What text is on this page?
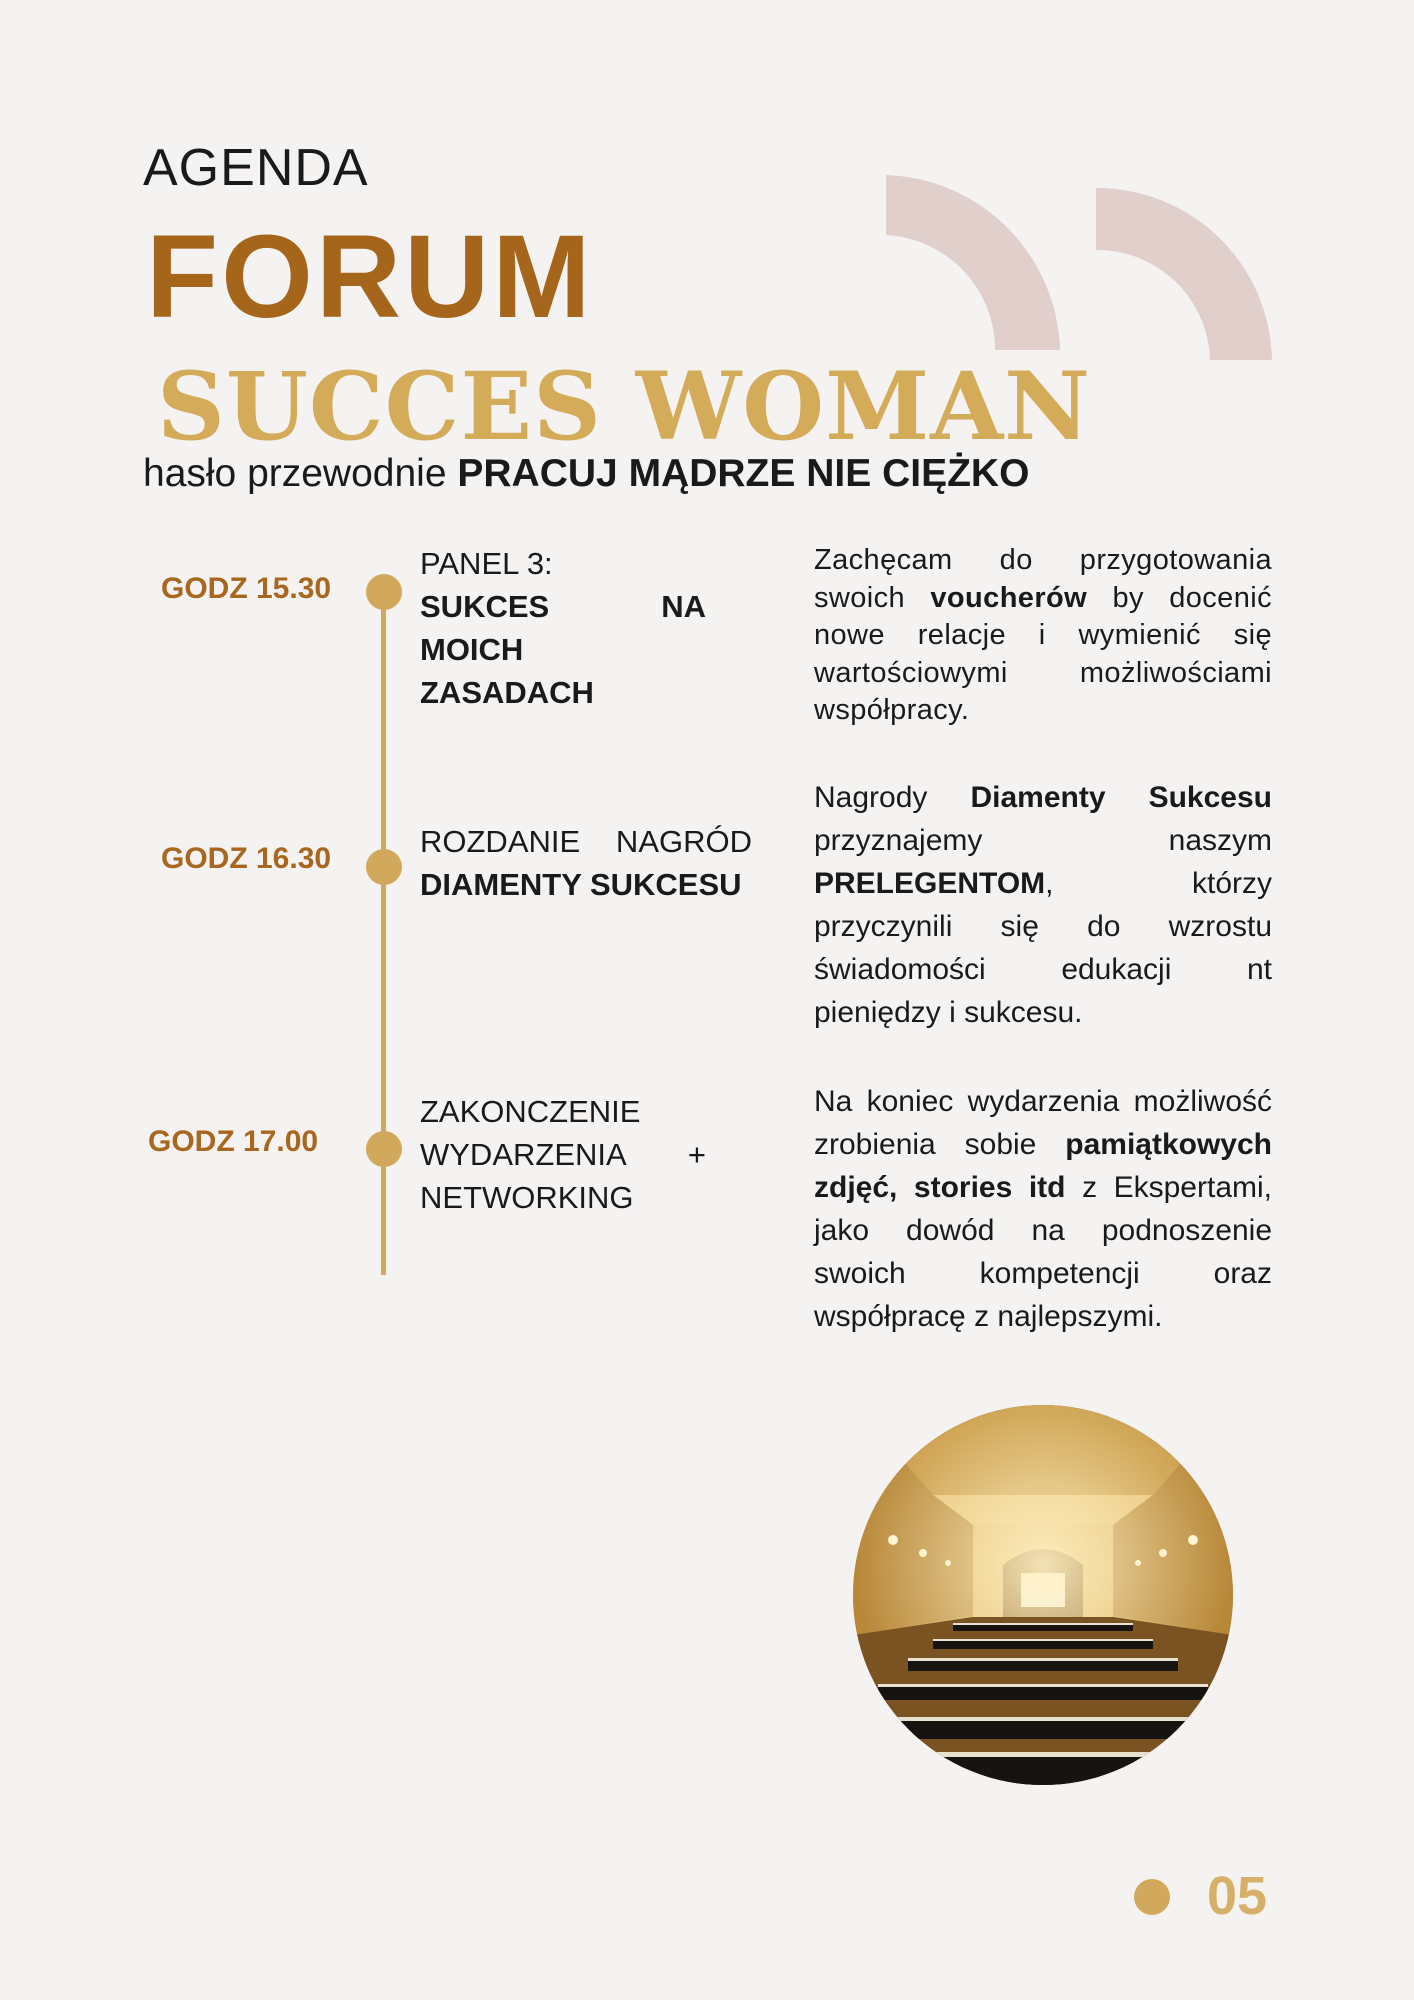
AGENDA
FORUM
SUCCES WOMAN
hasło przewodnie PRACUJ MĄDRZE NIE CIĘŻKO
GODZ 15.30
PANEL 3:
SUKCES	NA
MOICH
ZASADACH
Zachęcam do przygotowania swoich voucherów by docenić nowe relacje i wymienić się wartościowymi możliwościami współpracy.
GODZ 16.30	ROZDANIE NAGRÓD
DIAMENTY SUKCESU
Nagrody Diamenty Sukcesu przyznajemy naszym PRELEGENTOM, którzy przyczynili się do wzrostu świadomości edukacji nt pieniędzy i sukcesu.
GODZ 17.00
ZAKONCZENIE
WYDARZENIA      +
NETWORKING
Na koniec wydarzenia możliwość zrobienia sobie pamiątkowych zdjęć, stories itd z Ekspertami, jako dowód na podnoszenie swoich kompetencji oraz współpracę z najlepszymi.
05
